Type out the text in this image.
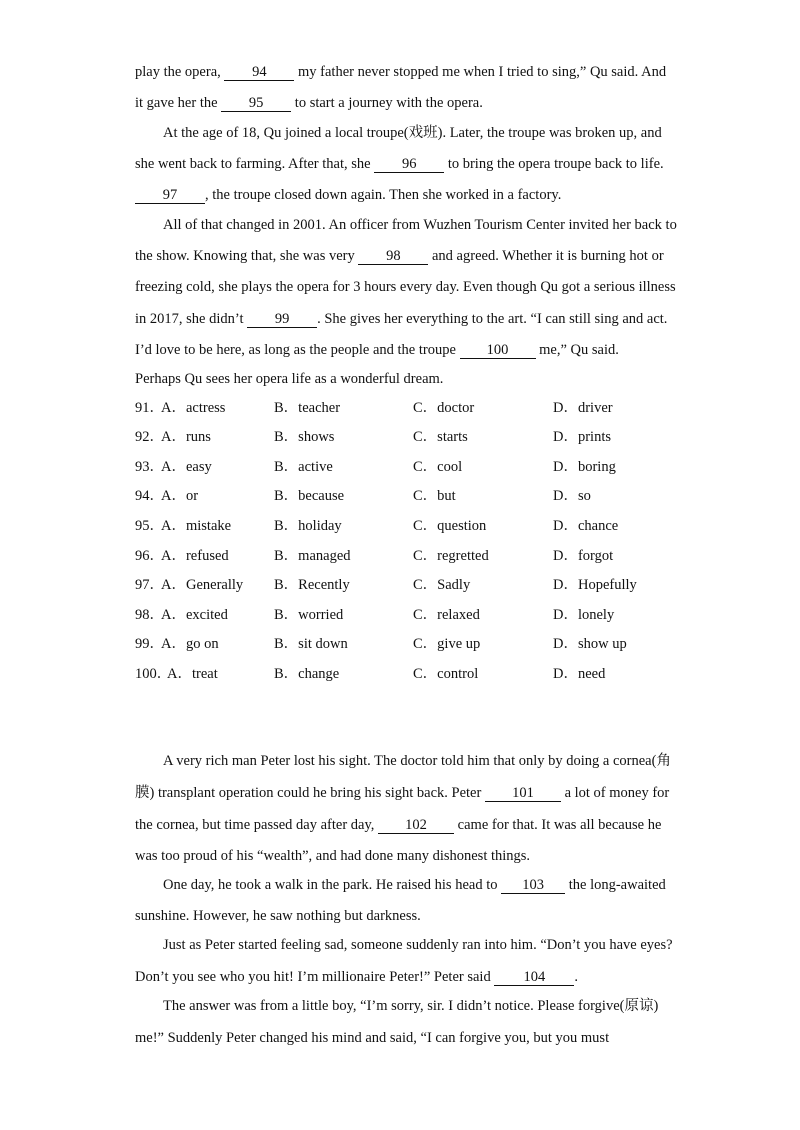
play the opera, 94 my father never stopped me when I tried to sing,” Qu said. And
it gave her the 95 to start a journey with the opera.
At the age of 18, Qu joined a local troupe(戏班). Later, the troupe was broken up, and
she went back to farming. After that, she 96 to bring the opera troupe back to life.
97 , the troupe closed down again. Then she worked in a factory.
All of that changed in 2001. An officer from Wuzhen Tourism Center invited her back to
the show. Knowing that, she was very 98 and agreed. Whether it is burning hot or
freezing cold, she plays the opera for 3 hours every day. Even though Qu got a serious illness
in 2017, she didn’t 99 . She gives her everything to the art. “I can still sing and act.
I’d love to be here, as long as the people and the troupe 100 me,” Qu said.
Perhaps Qu sees her opera life as a wonderful dream.
91．
A．actress	B．teacher	C．doctor	D．driver
92．
A．runs	B．shows	C．starts	D．prints
93．
A．easy	B．active	C．cool	D．boring
94．
A．or	B．because	C．but	D．so
95．
A．mistake	B．holiday	C．question	D．chance
96．
A．refused	B．managed	C．regretted	D．forgot
97．
A．Generally B．Recently	C．Sadly	D．Hopefully
98．
A．excited	B．worried	C．relaxed	D．lonely
99．
A．go on	B．sit down	C．give up	D．show up
100．
A．treat	B．change	C．control	D．need
A very rich man Peter lost his sight. The doctor told him that only by doing a cornea(角
膜) transplant operation could he bring his sight back. Peter 101 a lot of money for
the cornea, but time passed day after day, 102 came for that. It was all because he
was too proud of his “wealth”, and had done many dishonest things.
One day, he took a walk in the park. He raised his head to 103 the long-awaited
sunshine. However, he saw nothing but darkness.
Just as Peter started feeling sad, someone suddenly ran into him. “Don’t you have eyes?
Don’t you see who you hit! I’m millionaire Peter!” Peter said 104 .
The answer was from a little boy, “I’m sorry, sir. I didn’t notice. Please forgive(原谅)
me!” Suddenly Peter changed his mind and said, “I can forgive you, but you must
